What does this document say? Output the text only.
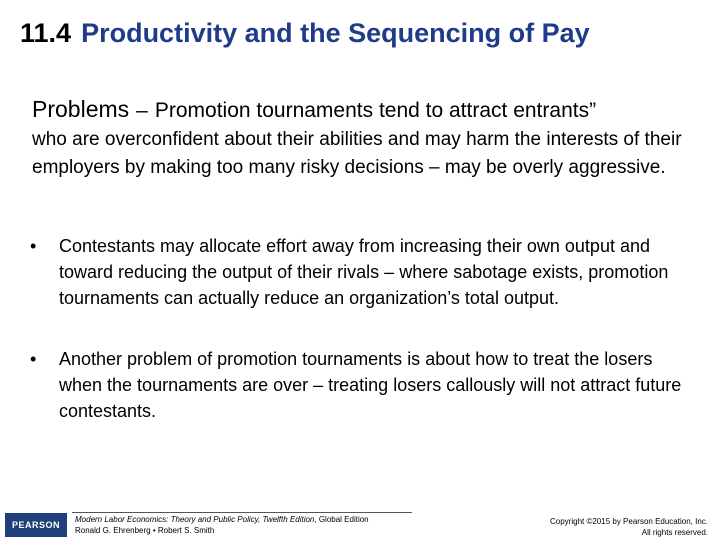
11.4 Productivity and the Sequencing of Pay
Problems – Promotion tournaments tend to attract entrants”
who are overconfident about their abilities and may harm the interests of their employers by making too many risky decisions – may be overly aggressive.
•	Contestants may allocate effort away from increasing their own output and toward reducing the output of their rivals – where sabotage exists, promotion tournaments can actually reduce an organization’s total output.
•	Another problem of promotion tournaments is about how to treat the losers when the tournaments are over – treating losers callously will not attract future contestants.
PEARSON
Modern Labor Economics: Theory and Public Policy, Twelfth Edition, Global Edition
Ronald G. Ehrenberg • Robert S. Smith
Copyright ©2015 by Pearson Education, Inc.
All rights reserved.
